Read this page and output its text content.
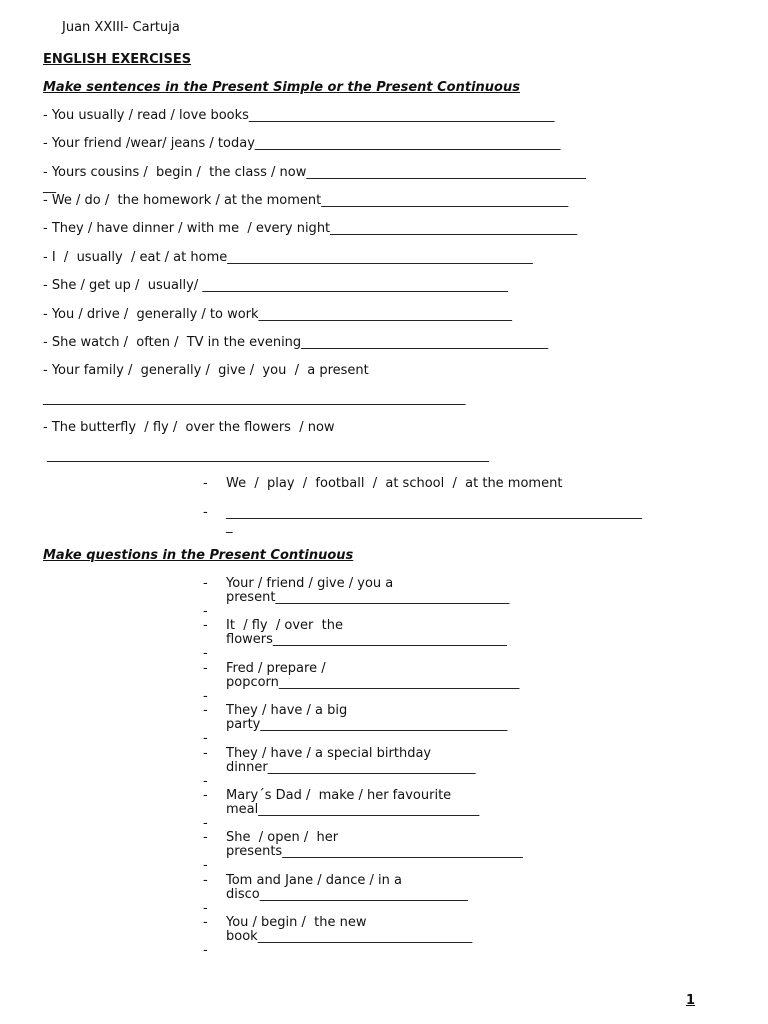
Juan XXIII- Cartuja
ENGLISH EXERCISES
Make sentences in the Present Simple or the Present Continuous
- You usually / read / love books_______________________________________________
- Your friend /wear/ jeans / today_______________________________________________
- Yours cousins /  begin /  the class / now___________________________________________
__
- We / do /  the homework / at the moment______________________________________
- They / have dinner / with me  / every night______________________________________
- I  /  usually  / eat / at home_______________________________________________
- She / get up /  usually/ _______________________________________________
- You / drive /  generally / to work_______________________________________
- She watch /  often /  TV in the evening______________________________________
- Your family /  generally /  give /  you  /  a present
_________________________________________________________________
- The butterfly  / fly /  over the flowers  / now
____________________________________________________________________
- We  /  play  /  football  /  at school  /  at the moment
- ________________________________________________________________
_
Make questions in the Present Continuous
- Your / friend / give / you a
present____________________________________
-
- It  / fly  / over  the
flowers____________________________________
-
- Fred / prepare /
popcorn_____________________________________
-
- They / have / a big
party______________________________________
-
- They / have / a special birthday
dinner________________________________
-
- Mary´s Dad /  make / her favourite
meal__________________________________
-
- She  / open /  her
presents_____________________________________
-
- Tom and Jane / dance / in a
disco________________________________
-
- You / begin /  the new
book_________________________________
-
1
